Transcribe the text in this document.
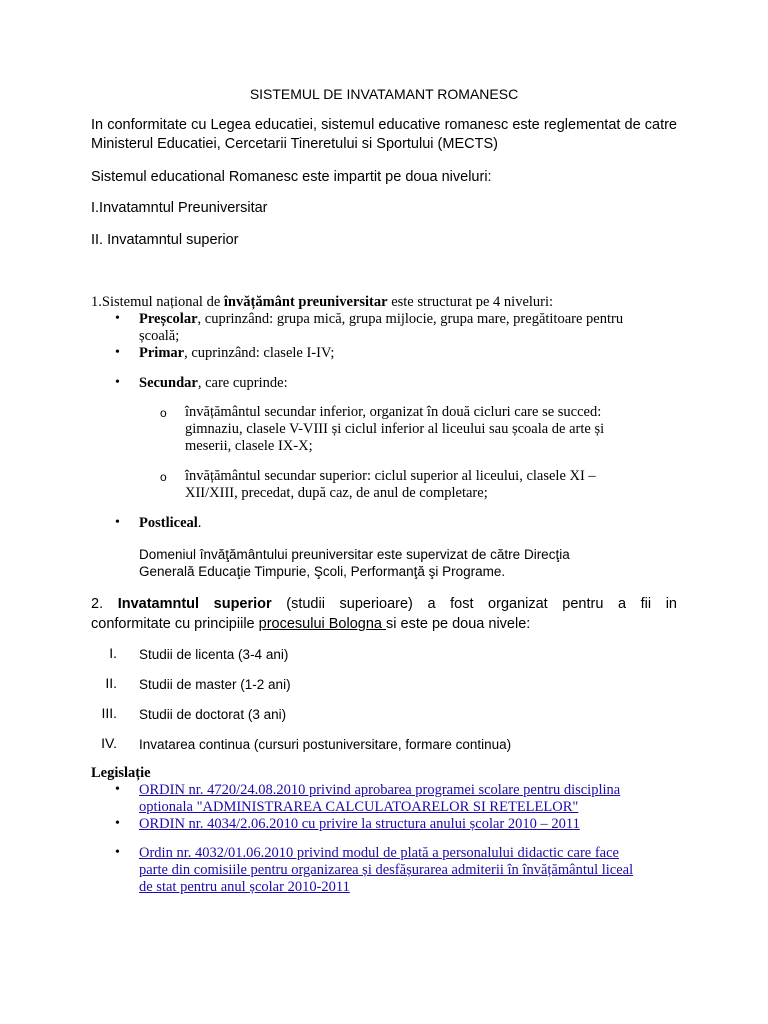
SISTEMUL DE INVATAMANT ROMANESC
In conformitate cu Legea educatiei, sistemul educative romanesc este reglementat de catre Ministerul Educatiei, Cercetarii Tineretului si Sportului (MECTS)
Sistemul educational Romanesc este impartit pe doua niveluri:
I.Invatamntul Preuniversitar
II. Invatamntul superior
1.Sistemul național de învățământ preuniversitar este structurat pe 4 niveluri:
• Preșcolar, cuprinzând: grupa mică, grupa mijlocie, grupa mare, pregătitoare pentru
școală;
• Primar, cuprinzând: clasele I-IV;
• Secundar, care cuprinde:
o învățământul secundar inferior, organizat în două cicluri care se succed:
gimnaziu, clasele V-VIII și ciclul inferior al liceului sau școala de arte și
meserii, clasele IX-X;
o învățământul secundar superior: ciclul superior al liceului, clasele XI –
XII/XIII, precedat, după caz, de anul de completare;
• Postliceal.
Domeniul învăţământului preuniversitar este supervizat de către Direcţia
Generală Educaţie Timpurie, Şcoli, Performanţă şi Programe.
2. Invatamntul superior (studii superioare) a fost organizat pentru a fii in
conformitate cu principiile procesului Bologna si este pe doua nivele:
I. Studii de licenta (3-4 ani)
II. Studii de master (1-2 ani)
III. Studii de doctorat (3 ani)
IV. Invatarea continua (cursuri postuniversitare, formare continua)
Legislație
• ORDIN nr. 4720/24.08.2010 privind aprobarea programei scolare pentru disciplina
optionala "ADMINISTRAREA CALCULATOARELOR SI RETELELOR"
• ORDIN nr. 4034/2.06.2010 cu privire la structura anului școlar 2010 – 2011
• Ordin nr. 4032/01.06.2010 privind modul de plată a personalului didactic care face
parte din comisiile pentru organizarea și desfășurarea admiterii în învățământul liceal
de stat pentru anul școlar 2010-2011
